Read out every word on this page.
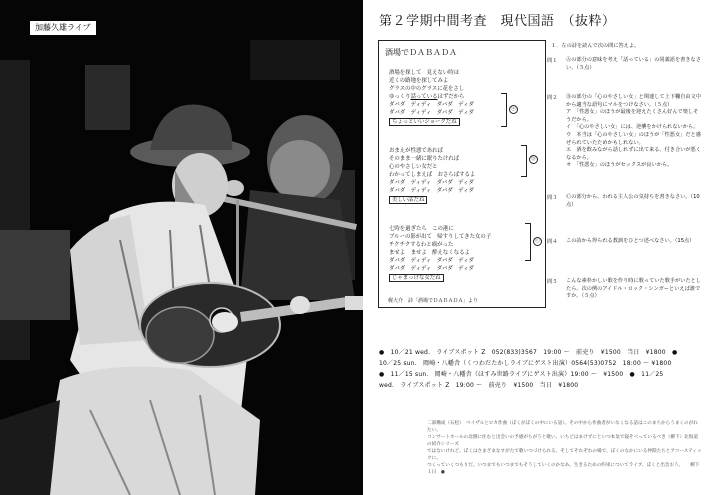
加藤久雄ライブ	第２学期中間考査　現代国語　（抜粋）
酒場でＤＡＢＡＤＡ
酒場を探して　見えない時は
近くの路地を探してみよ
グラスの中のグラスに花をさし
ゆっくり話っているはずだから
ダバダ　ディディ　ダバダ　ディダ
ダバダ　ディディ　ダバダ　ディダ
ちょっといいジョークだね
ⓐ
おまえが性悪であれば
そのまま一緒に眠りたければ
心のやさしい女だと
わかってしまえば　おさらばするよ
ダバダ　ディディ　ダバダ　ディダ
ダバダ　ディディ　ダバダ　ディダ
美しい話だね
ⓑ
七時を過ぎたら　この港に
ブルーの影が出て　帰すりしてきた女の子
チクチクするわと痛がった
ませよ　ませよ　酔えなくなるよ
ダバダ　ディディ　ダバダ　ディダ
ダバダ　ディディ　ダバダ　ディダ
じゃまっけな女だね
ⓒ
梶大介　詩「酒場でＤＡＢＡＤＡ」より
１．左の詩を読んで次の問に答えよ。
問１ Ⓐの部分の意味を考え「話っている」の同義語を書きなさい。（５点）
問２ Ⓑの部分の「心のやさしい女」と関連して上下欄自由文中から適当な語句にマルをつけなさい。（５点）
ア　「性悪女」のほうが最後を迎えたくさん好んで楽しそうだから。
イ　「心のやさしい女」には、逆襲をかけられないから。
ウ　本当は「心のやさしい女」のほうが「性悪女」だと感ぜられていたためかもしれない。
エ　酒を飲みながら話しれずに出て来る、付き合いが悪くなるから。
オ　「性悪女」のほうがセックスが良いから。
問３ Ⓒの部分から、われる主人公の気持ちを書きなさい。（10点）
問４ この詩から得られる教訓をひとつ述べなさい。（15点）
問５ こんな素朴かしい歌を作り時に歌っていた歌手がいたとしたら、次の例のアイドル・ロック・シンガーといえば誰ですか。（５点）
●　10／21 wed.　ライブスポット Z　052(833)3567　19:00 ～　前売り　¥1500　当日　¥1800　●
10／25 sun.　岡崎・八幡舎（くつわだたかしライブにゲスト出演）0564(53)0752　18:00 ～ ¥1800
●　11／15 sun.　岡崎・八幡舎（ほすみ世路ライブにゲスト出演）19:00 ～　¥1500　●　11／25
wed.　ライブスポット Z　19:00 ～　前売り　¥1500　当日　¥1800
二部構成（石松）　ペイザルとロカ作曲（ぼくがぼくの中にいる話）。その中から作曲者がいなくなる話はこのまちからうまくのがれたい。
コンサートホールの北側に住むと出会いの予感がちがうと歌い、いちどはまけずにといつ本気で寝そべっているべき（柳下）北海道の紹介シリーズ
ではないけれど、ぼくはさまざまなすがたで歌いつづけられる。そしてそれぞれの場で、ぼくのなかにいる仲間たちとアコースティックに。
つくっていくつもりだ。いつまでもいつまでもそうしていくのかなあ。生きるための約束についてライブ、ぼくと出会おう。　　柳下　　１日　●
